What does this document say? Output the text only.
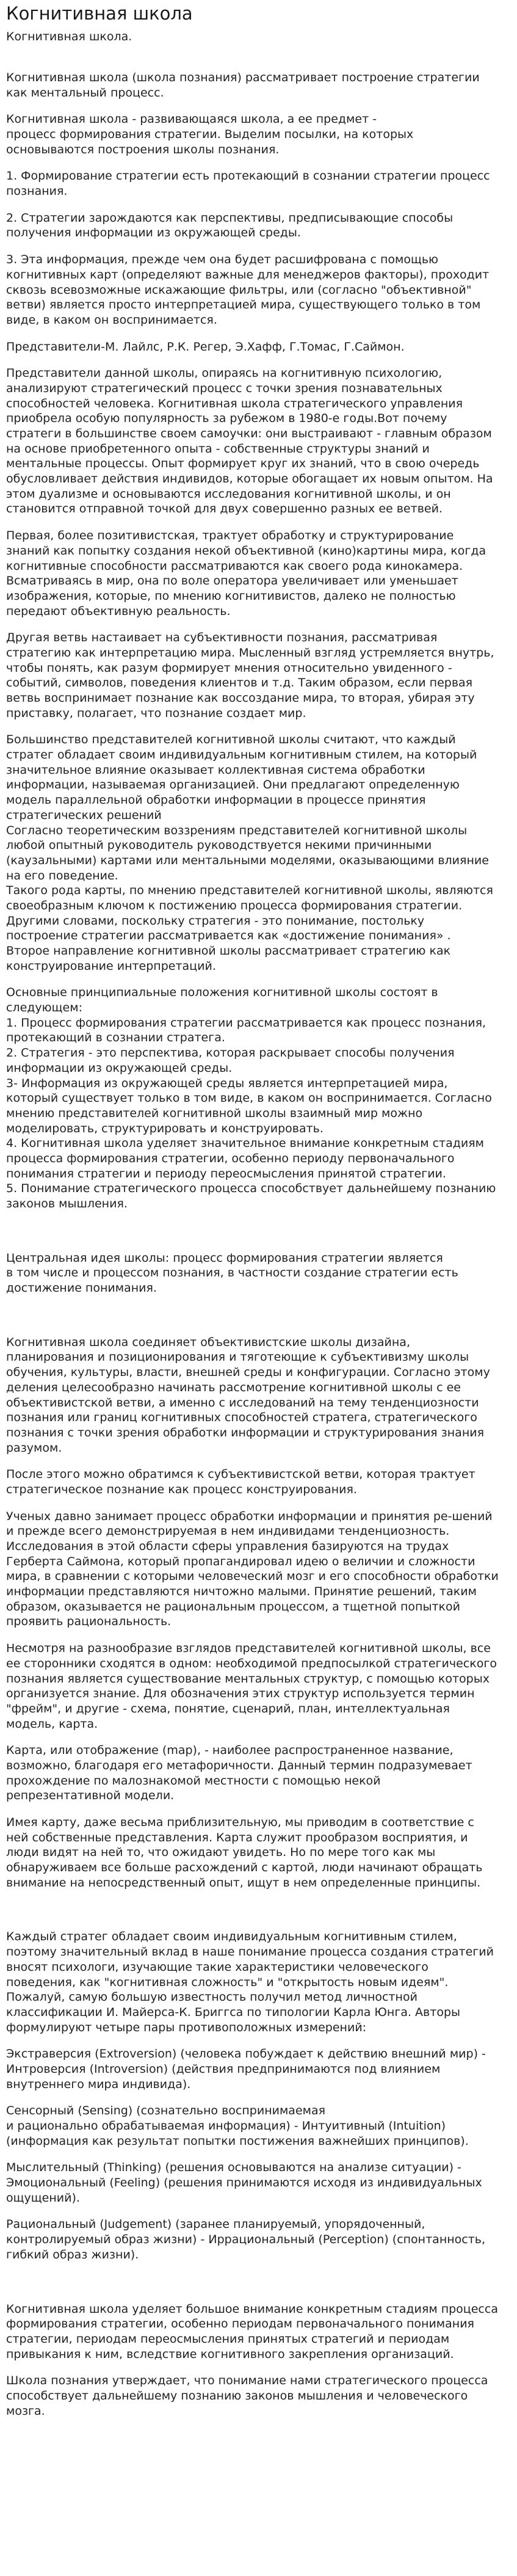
Когнитивная школа

Когнитивная школа.

Когнитивная школа (школа познания) рассматривает построение стратегии как ментальный процесс.

Когнитивная школа - развивающаяся школа, а ее предмет -
процесс формирования стратегии. Выделим посылки, на которых основываются построения школы познания.

1. Формирование стратегии есть протекающий в сознании стратегии процесс познания.

2. Стратегии зарождаются как перспективы, предписывающие способы получения информации из окружающей среды.

3. Эта информация, прежде чем она будет расшифрована с помощью когнитивных карт (определяют важные для менеджеров факторы), проходит сквозь всевозможные искажающие фильтры, или (согласно "объективной" ветви) является просто интерпретацией мира, существующего только в том виде, в каком он воспринимается.

Представители-М. Лайлс, Р.К. Регер, Э.Хафф, Г.Томас, Г.Саймон.

Представители данной школы, опираясь на когнитивную психологию, анализируют стратегический процесс с точки зрения познавательных способностей человека. Когнитивная школа стратегического управления приобрела особую популярность за рубежом в 1980-е годы.Вот почему стратеги в большинстве своем самоучки: они выстраивают - главным образом на основе приобретенного опыта - собственные структуры знаний и ментальные процессы. Опыт формирует круг их знаний, что в свою очередь обусловливает действия индивидов, которые обогащает их новым опытом. На этом дуализме и основываются исследования когнитивной школы, и он становится отправной точкой для двух совершенно разных ее ветвей.

Первая, более позитивистская, трактует обработку и структурирование знаний как попытку создания некой объективной (кино)картины мира, когда когнитивные способности рассматриваются как своего рода кинокамера. Всматриваясь в мир, она по воле оператора увеличивает или уменьшает изображения, которые, по мнению когнитивистов, далеко не полностью передают объективную реальность.

Другая ветвь настаивает на субъективности познания, рассматривая стратегию как интерпретацию мира. Мысленный взгляд устремляется внутрь, чтобы понять, как разум формирует мнения относительно увиденного - событий, символов, поведения клиентов и т.д. Таким образом, если первая ветвь воспринимает познание как воссоздание мира, то вторая, убирая эту приставку, полагает, что познание создает мир.

Большинство представителей когнитивной школы считают, что каждый стратег обладает своим индивидуальным когнитивным стилем, на который значительное влияние оказывает коллективная система обработки информации, называемая организацией. Они предлагают определенную модель параллельной обработки информации в процессе принятия стратегических решений
Согласно теоретическим воззрениям представителей когнитивной школы любой опытный руководитель руководствуется некими причинными (каузальными) картами или ментальными моделями, оказывающими влияние на его поведение.
Такого рода карты, по мнению представителей когнитивной школы, являются своеобразным ключом к постижению процесса формирования стратегии.
Другими словами, поскольку стратегия - это понимание, постольку построение стратегии рассматривается как «достижение понимания» .
Второе направление когнитивной школы рассматривает стратегию как конструирование интерпретаций.

Основные принципиальные положения когнитивной школы состоят в следующем:
1. Процесс формирования стратегии рассматривается как процесс познания, протекающий в сознании стратега.
2. Стратегия - это перспектива, которая раскрывает способы получения информации из окружающей среды.
3- Информация из окружающей среды является интерпретацией мира, который существует только в том виде, в каком он воспринимается. Согласно мнению представителей когнитивной школы взаимный мир можно моделировать, структурировать и конструировать.
4. Когнитивная школа уделяет значительное внимание конкретным стадиям процесса формирования стратегии, особенно периоду первоначального понимания стратегии и периоду переосмысления принятой стратегии.
5. Понимание стратегического процесса способствует дальнейшему познанию законов мышления.

Центральная идея школы: процесс формирования стратегии является
в том числе и процессом познания, в частности создание стратегии есть достижение понимания.

Когнитивная школа соединяет объективистские школы дизайна, планирования и позиционирования и тяготеющие к субъективизму школы обучения, культуры, власти, внешней среды и конфигурации. Согласно этому деления целесообразно начинать рассмотрение когнитивной школы с ее объективистской ветви, а именно с исследований на тему тенденциозности познания или границ когнитивных способностей стратега, стратегического познания с точки зрения обработки информации и структурирования знания разумом.

После этого можно обратимся к субъективистской ветви, которая трактует стратегическое познание как процесс конструирования.

Ученых давно занимает процесс обработки информации и принятия ре-шений и прежде всего демонстрируемая в нем индивидами тенденциозность. Исследования в этой области сферы управления базируются на трудах Герберта Саймона, который пропагандировал идею о величии и сложности мира, в сравнении с которыми человеческий мозг и его способности обработки информации представляются ничтожно малыми. Принятие решений, таким образом, оказывается не рациональным процессом, а тщетной попыткой проявить рациональность.

Несмотря на разнообразие взглядов представителей когнитивной школы, все ее сторонники сходятся в одном: необходимой предпосылкой стратегического познания является существование ментальных структур, с помощью которых организуется знание. Для обозначения этих структур используется термин "фрейм", и другие - схема, понятие, сценарий, план, интеллектуальная модель, карта.

Карта, или отображение (map), - наиболее распространенное название, возможно, благодаря его метафоричности. Данный термин подразумевает прохождение по малознакомой местности с помощью некой репрезентативной модели.

Имея карту, даже весьма приблизительную, мы приводим в соответствие с ней собственные представления. Карта служит прообразом восприятия, и люди видят на ней то, что ожидают увидеть. Но по мере того как мы обнаруживаем все больше расхождений с картой, люди начинают обращать внимание на непосредственный опыт, ищут в нем определенные принципы.

Каждый стратег обладает своим индивидуальным когнитивным стилем, поэтому значительный вклад в наше понимание процесса создания стратегий вносят психологи, изучающие такие характеристики человеческого поведения, как "когнитивная сложность" и "открытость новым идеям". Пожалуй, самую большую известность получил метод личностной классификации И. Майерса-К. Бриггса по типологии Карла Юнга. Авторы формулируют четыре пары противоположных измерений:

Экстраверсия (Extroversion) (человека побуждает к действию внешний мир) - Интроверсия (Introversion) (действия предпринимаются под влиянием внутреннего мира индивида).

Сенсорный (Sensing) (сознательно воспринимаемая
и рационально обрабатываемая информация) - Интуитивный (Intuition) (информация как результат попытки постижения важнейших принципов).

Мыслительный (Thinking) (решения основываются на анализе ситуации) - Эмоциональный (Feeling) (решения принимаются исходя из индивидуальных ощущений).

Рациональный (Judgement) (заранее планируемый, упорядоченный, контролируемый образ жизни) - Иррациональный (Perception) (спонтанность, гибкий образ жизни).

Когнитивная школа уделяет большое внимание конкретным стадиям процесса формирования стратегии, особенно периодам первоначального понимания стратегии, периодам переосмысления принятых стратегий и периодам привыкания к ним, вследствие когнитивного закрепления организаций.

Школа познания утверждает, что понимание нами стратегического процесса способствует дальнейшему познанию законов мышления и человеческого мозга.
